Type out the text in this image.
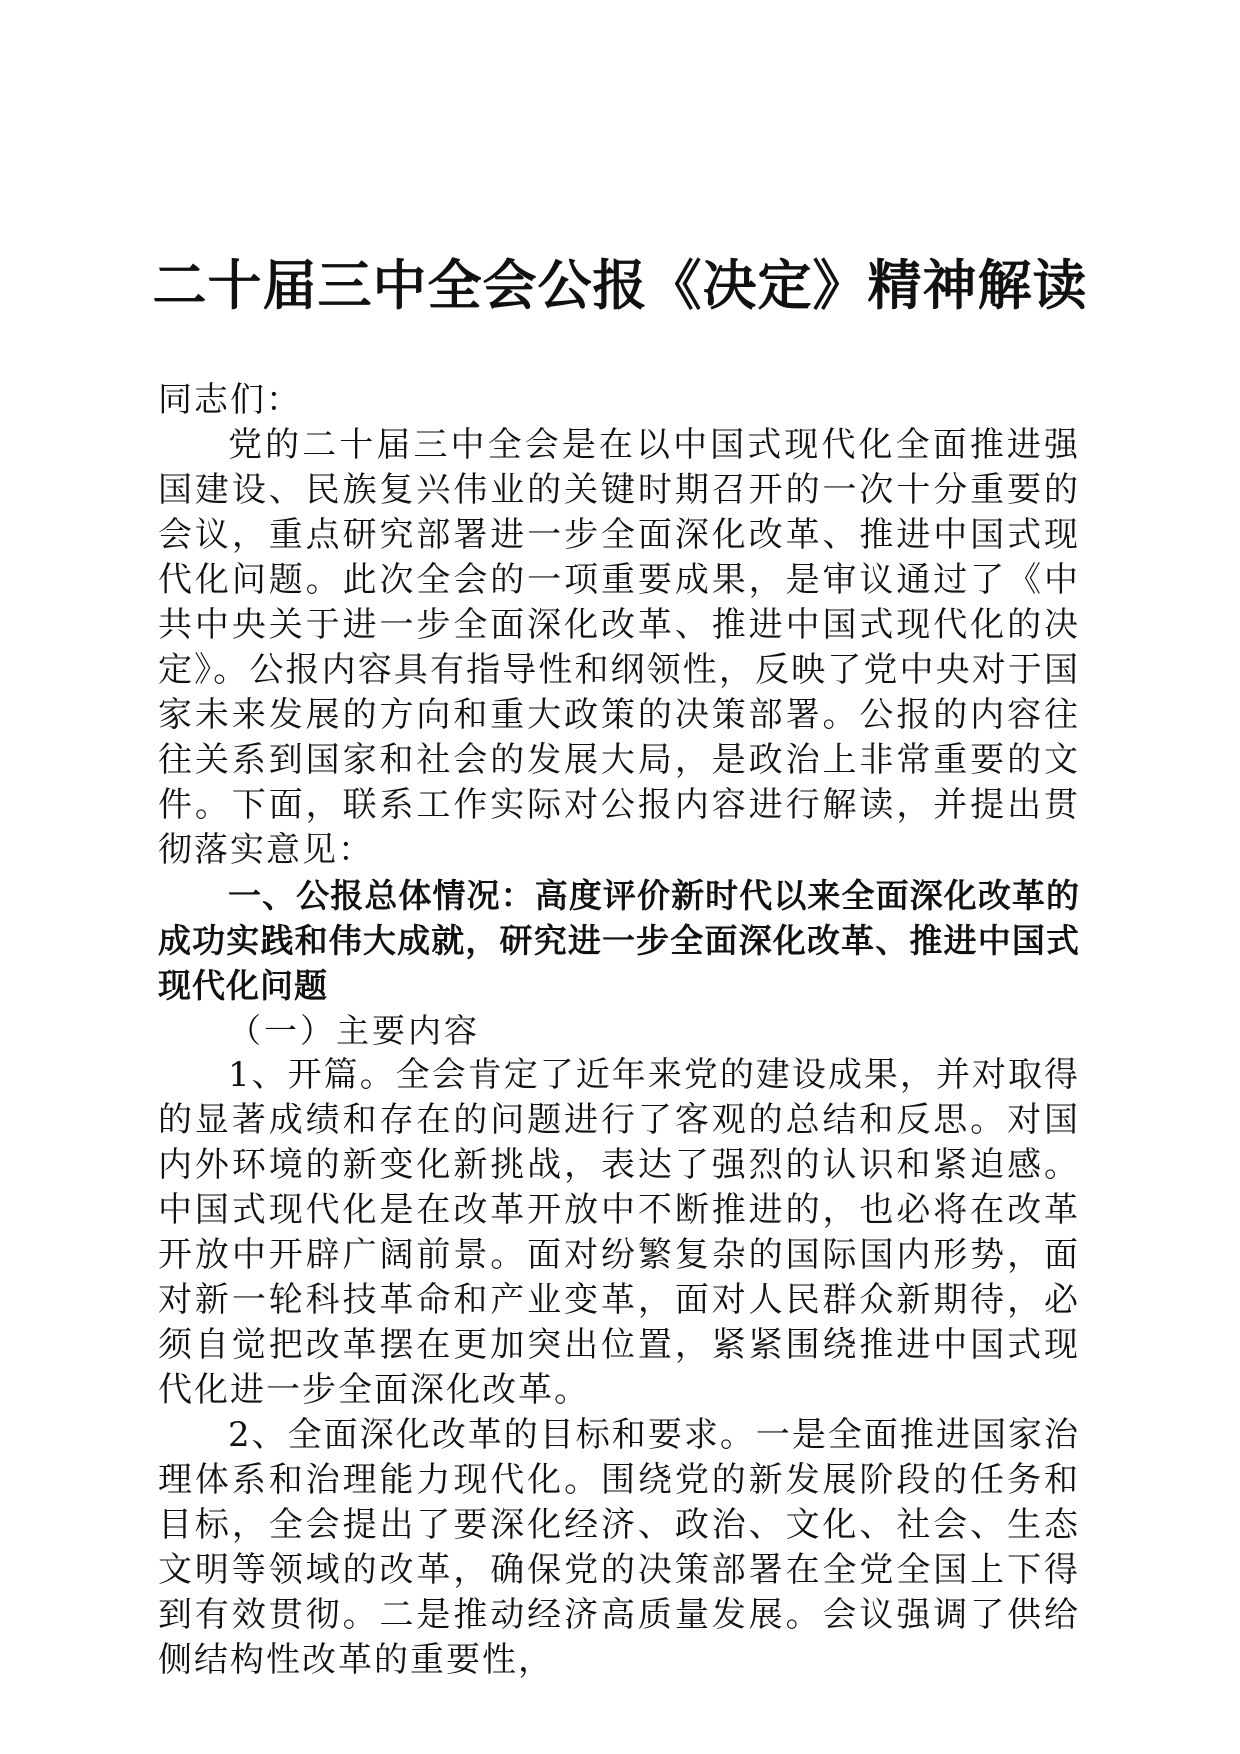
二十届三中全会公报《决定》精神解读

同志们：

党的二十届三中全会是在以中国式现代化全面推进强国建设、民族复兴伟业的关键时期召开的一次十分重要的会议，重点研究部署进一步全面深化改革、推进中国式现代化问题。此次全会的一项重要成果，是审议通过了《中共中央关于进一步全面深化改革、推进中国式现代化的决定》。公报内容具有指导性和纲领性，反映了党中央对于国家未来发展的方向和重大政策的决策部署。公报的内容往往关系到国家和社会的发展大局，是政治上非常重要的文件。下面，联系工作实际对公报内容进行解读，并提出贯彻落实意见：

一、公报总体情况：高度评价新时代以来全面深化改革的成功实践和伟大成就，研究进一步全面深化改革、推进中国式现代化问题

（一）主要内容

1、开篇。全会肯定了近年来党的建设成果，并对取得的显著成绩和存在的问题进行了客观的总结和反思。对国内外环境的新变化新挑战，表达了强烈的认识和紧迫感。中国式现代化是在改革开放中不断推进的，也必将在改革开放中开辟广阔前景。面对纷繁复杂的国际国内形势，面对新一轮科技革命和产业变革，面对人民群众新期待，必须自觉把改革摆在更加突出位置，紧紧围绕推进中国式现代化进一步全面深化改革。

2、全面深化改革的目标和要求。一是全面推进国家治理体系和治理能力现代化。围绕党的新发展阶段的任务和目标，全会提出了要深化经济、政治、文化、社会、生态文明等领域的改革，确保党的决策部署在全党全国上下得到有效贯彻。二是推动经济高质量发展。会议强调了供给侧结构性改革的重要性，
